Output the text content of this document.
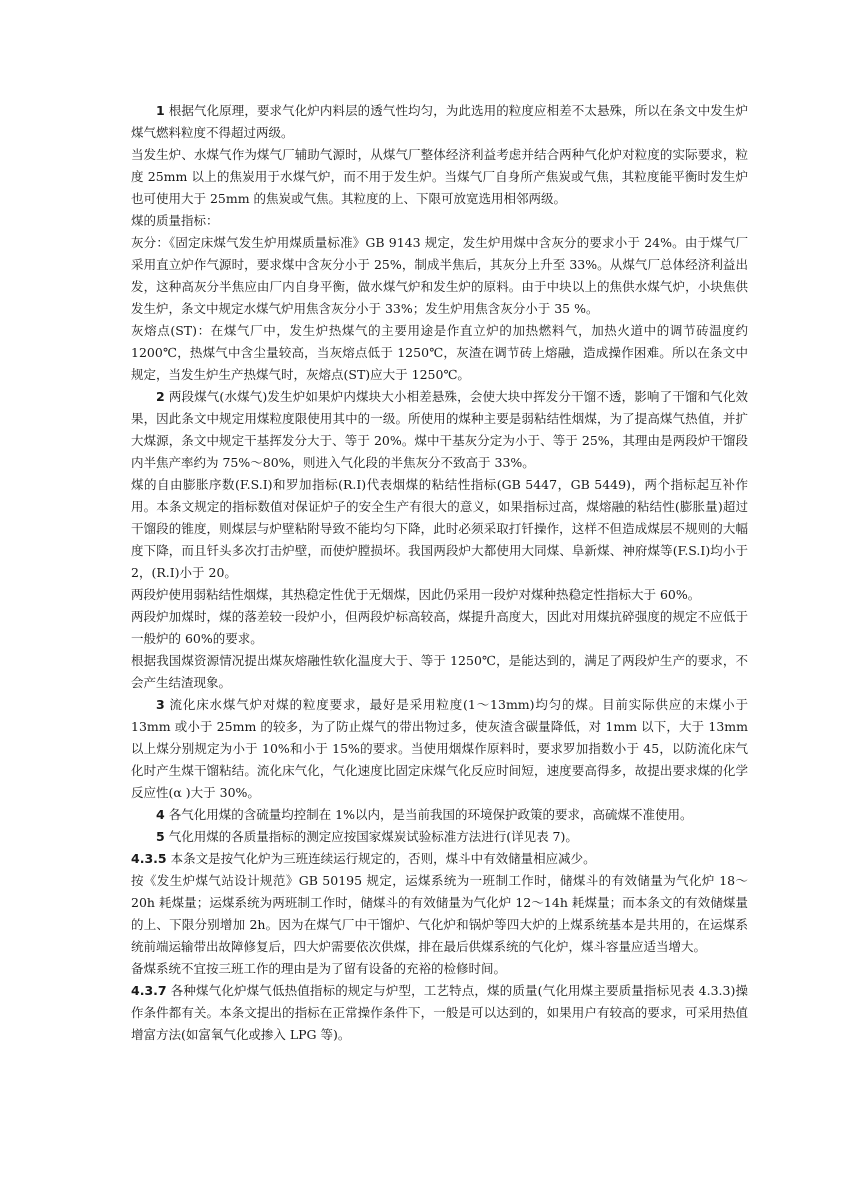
1 根据气化原理，要求气化炉内料层的透气性均匀，为此选用的粒度应相差不太悬殊，所以在条文中发生炉煤气燃料粒度不得超过两级。

当发生炉、水煤气作为煤气厂辅助气源时，从煤气厂整体经济利益考虑并结合两种气化炉对粒度的实际要求，粒度 25mm 以上的焦炭用于水煤气炉，而不用于发生炉。当煤气厂自身所产焦炭或气焦，其粒度能平衡时发生炉也可使用大于 25mm 的焦炭或气焦。其粒度的上、下限可放宽选用相邻两级。

煤的质量指标：

灰分：《固定床煤气发生炉用煤质量标准》GB 9143 规定，发生炉用煤中含灰分的要求小于 24%。由于煤气厂采用直立炉作气源时，要求煤中含灰分小于 25%，制成半焦后，其灰分上升至 33%。从煤气厂总体经济利益出发，这种高灰分半焦应由厂内自身平衡，做水煤气炉和发生炉的原料。由于中块以上的焦供水煤气炉，小块焦供发生炉，条文中规定水煤气炉用焦含灰分小于 33%；发生炉用焦含灰分小于 35 %。

灰熔点(ST)：在煤气厂中，发生炉热煤气的主要用途是作直立炉的加热燃料气，加热火道中的调节砖温度约 1200℃，热煤气中含尘量较高，当灰熔点低于 1250℃，灰渣在调节砖上熔融，造成操作困难。所以在条文中规定，当发生炉生产热煤气时，灰熔点(ST)应大于 1250℃。

2 两段煤气(水煤气)发生炉如果炉内煤块大小相差悬殊，会使大块中挥发分干馏不透，影响了干馏和气化效果，因此条文中规定用煤粒度限使用其中的一级。所使用的煤种主要是弱粘结性烟煤，为了提高煤气热值，并扩大煤源，条文中规定干基挥发分大于、等于 20%。煤中干基灰分定为小于、等于 25%，其理由是两段炉干馏段内半焦产率约为 75%～80%，则进入气化段的半焦灰分不致高于 33%。

煤的自由膨胀序数(F.S.I)和罗加指标(R.I)代表烟煤的粘结性指标(GB 5447，GB 5449)，两个指标起互补作用。本条文规定的指标数值对保证炉子的安全生产有很大的意义，如果指标过高，煤熔融的粘结性(膨胀量)超过干馏段的锥度，则煤层与炉壁粘附导致不能均匀下降，此时必须采取打钎操作，这样不但造成煤层不规则的大幅度下降，而且钎头多次打击炉壁，而使炉膛损坏。我国两段炉大都使用大同煤、阜新煤、神府煤等(F.S.I)均小于 2，(R.I)小于 20。

两段炉使用弱粘结性烟煤，其热稳定性优于无烟煤，因此仍采用一段炉对煤种热稳定性指标大于 60%。

两段炉加煤时，煤的落差较一段炉小，但两段炉标高较高，煤提升高度大，因此对用煤抗碎强度的规定不应低于一般炉的 60%的要求。

根据我国煤资源情况提出煤灰熔融性软化温度大于、等于 1250℃，是能达到的，满足了两段炉生产的要求，不会产生结渣现象。

3 流化床水煤气炉对煤的粒度要求，最好是采用粒度(1～13mm)均匀的煤。目前实际供应的末煤小于 13mm 或小于 25mm 的较多，为了防止煤气的带出物过多，使灰渣含碳量降低，对 1mm 以下，大于 13mm 以上煤分别规定为小于 10%和小于 15%的要求。当使用烟煤作原料时，要求罗加指数小于 45，以防流化床气化时产生煤干馏粘结。流化床气化，气化速度比固定床煤气化反应时间短，速度要高得多，故提出要求煤的化学反应性(α )大于 30%。

4 各气化用煤的含硫量均控制在 1%以内，是当前我国的环境保护政策的要求，高硫煤不准使用。

5 气化用煤的各质量指标的测定应按国家煤炭试验标准方法进行(详见表 7)。

4.3.5 本条文是按气化炉为三班连续运行规定的，否则，煤斗中有效储量相应减少。

按《发生炉煤气站设计规范》GB 50195 规定，运煤系统为一班制工作时，储煤斗的有效储量为气化炉 18～20h 耗煤量；运煤系统为两班制工作时，储煤斗的有效储量为气化炉 12～14h 耗煤量；而本条文的有效储煤量的上、下限分别增加 2h。因为在煤气厂中干馏炉、气化炉和锅炉等四大炉的上煤系统基本是共用的，在运煤系统前端运输带出故障修复后，四大炉需要依次供煤，排在最后供煤系统的气化炉，煤斗容量应适当增大。

备煤系统不宜按三班工作的理由是为了留有设备的充裕的检修时间。

4.3.7 各种煤气化炉煤气低热值指标的规定与炉型，工艺特点，煤的质量(气化用煤主要质量指标见表 4.3.3)操作条件都有关。本条文提出的指标在正常操作条件下，一般是可以达到的，如果用户有较高的要求，可采用热值增富方法(如富氧气化或掺入 LPG 等)。
